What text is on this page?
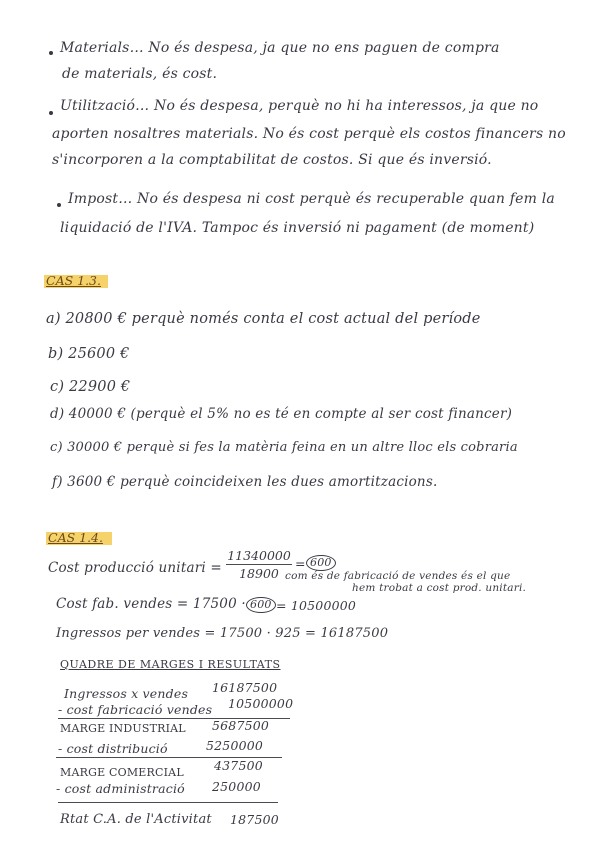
Materials… No és despesa, ja que no ens paguen de compra
de materials, és cost.
Utilització… No és despesa, perquè no hi ha interessos, ja que no
aporten nosaltres materials. No és cost perquè els costos financers no
s'incorporen a la comptabilitat de costos. Si que és inversió.
Impost… No és despesa ni cost perquè és recuperable quan fem la
liquidació de l'IVA. Tampoc és inversió ni pagament (de moment)
CAS 1.3.
a) 20800 € perquè només conta el cost actual del període
b) 25600 €
c) 22900 €
d) 40000 € (perquè el 5% no es té en compte al ser cost financer)
c) 30000 € perquè si fes la matèria feina en un altre lloc els cobraria
f) 3600 € perquè coincideixen les dues amortitzacions.
CAS 1.4.
Cost producció unitari =
11340000
18900
= 600
com és de fabricació de vendes és el que
hem trobat a cost prod. unitari.
Cost fab. vendes = 17500 · 600 = 10500000
Ingressos per vendes = 17500 · 925 = 16187500
QUADRE DE MARGES I RESULTATS
Ingressos x vendes 16187500
- cost fabricació vendes 10500000
MARGE INDUSTRIAL 5687500
- cost distribució	5250000
MARGE COMERCIAL 437500
- cost administració 250000
Rtat C.A. de l'Activitat 187500
